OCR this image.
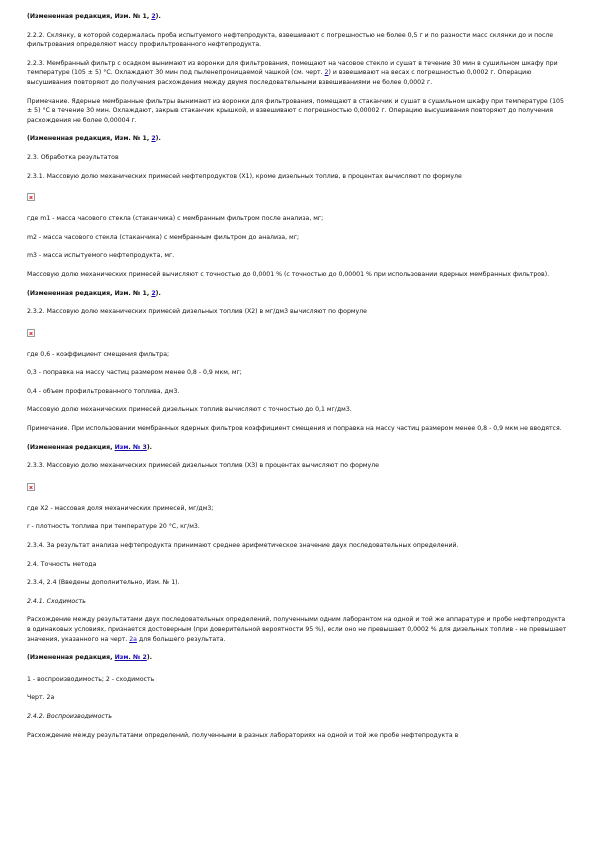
(Измененная редакция, Изм. № 1, 2).

2.2.2. Склянку, в которой содержалась проба испытуемого нефтепродукта, взвешивают с погрешностью не более 0,5 г и по разности масс склянки до и после фильтрования определяют массу профильтрованного нефтепродукта.

2.2.3. Мембранный фильтр с осадком вынимают из воронки для фильтрования, помещают на часовое стекло и сушат в течение 30 мин в сушильном шкафу при температуре (105 ± 5) °С. Охлаждают 30 мин под пыленепроницаемой чашкой (см. черт. 2) и взвешивают на весах с погрешностью 0,0002 г. Операцию высушивания повторяют до получения расхождения между двумя последовательными взвешиваниями не более 0,0002 г.

Примечание. Ядерные мембранные фильтры вынимают из воронки для фильтрования, помещают в стаканчик и сушат в сушильном шкафу при температуре (105 ± 5) °С в течение 30 мин. Охлаждают, закрыв стаканчик крышкой, и взвешивают с погрешностью 0,00002 г. Операцию высушивания повторяют до получения расхождения не более 0,00004 г.

(Измененная редакция, Изм. № 1, 2).

2.3. Обработка результатов

2.3.1. Массовую долю механических примесей нефтепродуктов (Х1), кроме дизельных топлив, в процентах вычисляют по формуле

где m1 - масса часового стекла (стаканчика) с мембранным фильтром после анализа, мг;

m2 - масса часового стекла (стаканчика) с мембранным фильтром до анализа, мг;

m3 - масса испытуемого нефтепродукта, мг.

Массовую долю механических примесей вычисляют с точностью до 0,0001 % (с точностью до 0,00001 % при использовании ядерных мембранных фильтров).

(Измененная редакция, Изм. № 1, 2).

2.3.2. Массовую долю механических примесей дизельных топлив (Х2) в мг/дм3 вычисляют по формуле

где 0,6 - коэффициент смещения фильтра;

0,3 - поправка на массу частиц размером менее 0,8 - 0,9 мкм, мг;

0,4 - объем профильтрованного топлива, дм3.

Массовую долю механических примесей дизельных топлив вычисляют с точностью до 0,1 мг/дм3.

Примечание. При использовании мембранных ядерных фильтров коэффициент смещения и поправка на массу частиц размером менее 0,8 - 0,9 мкм не вводятся.

(Измененная редакция, Изм. № 3).

2.3.3. Массовую долю механических примесей дизельных топлив (Х3) в процентах вычисляют по формуле

где Х2 - массовая доля механических примесей, мг/дм3;

r - плотность топлива при температуре 20 °С, кг/м3.

2.3.4. За результат анализа нефтепродукта принимают среднее арифметическое значение двух последовательных определений.

2.4. Точность метода

2.3.4, 2.4 (Введены дополнительно, Изм. № 1).

2.4.1. Сходимость

Расхождение между результатами двух последовательных определений, полученными одним лаборантом на одной и той же аппаратуре и пробе нефтепродукта в одинаковых условиях, признается достоверным (при доверительной вероятности 95 %), если оно не превышает 0,0002 % для дизельных топлив - не превышает значения, указанного на черт. 2а для большего результата.

(Измененная редакция, Изм. № 2).

1 - воспроизводимость; 2 - сходимость

Черт. 2а

2.4.2. Воспроизводимость

Расхождение между результатами определений, полученными в разных лабораториях на одной и той же пробе нефтепродукта в
